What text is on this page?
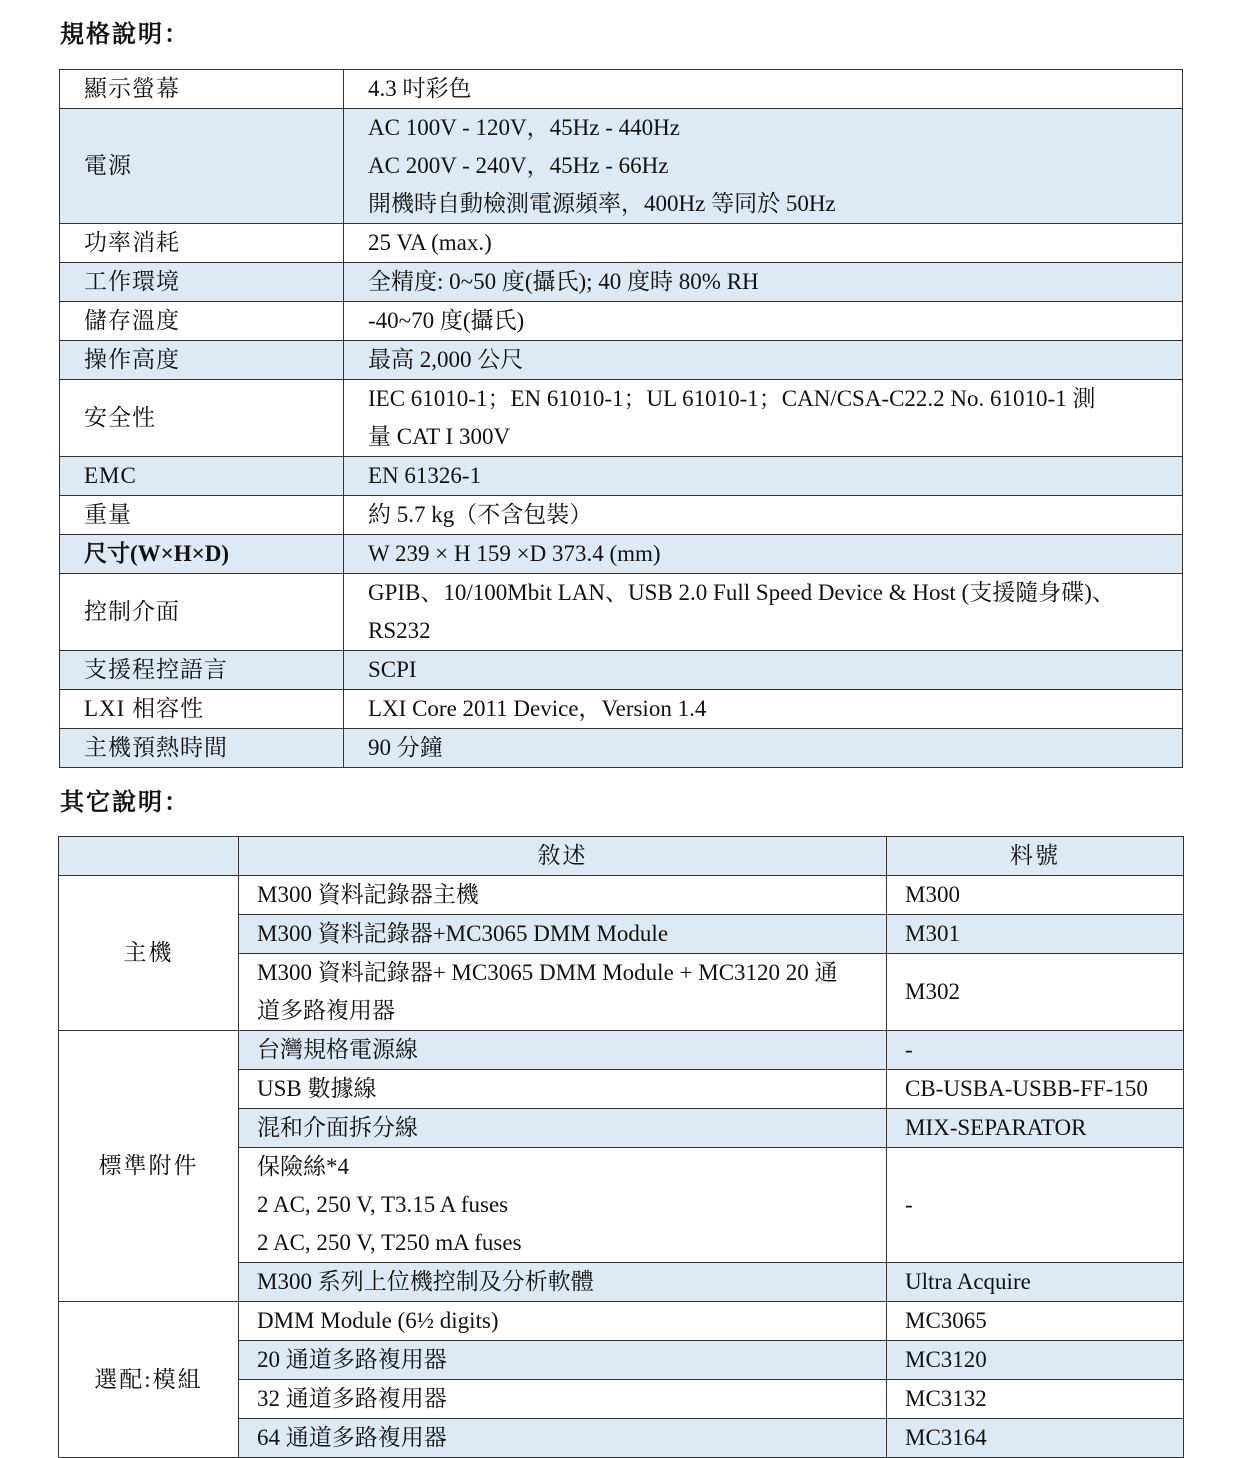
規格說明：
顯示螢幕	4.3 吋彩色

電源	AC 100V - 120V，45Hz - 440Hz
AC 200V - 240V，45Hz - 66Hz
開機時自動檢測電源頻率，400Hz 等同於 50Hz

功率消耗	25 VA (max.)

工作環境	全精度: 0~50 度(攝氏); 40 度時 80% RH

儲存溫度	-40~70 度(攝氏)

操作高度	最高 2,000 公尺

安全性	IEC 61010-1；EN 61010-1；UL 61010-1；CAN/CSA-C22.2 No. 61010-1 測
量 CAT I 300V

EMC	EN 61326-1

重量	約 5.7 kg（不含包裝）

尺寸(W×H×D)	W 239 × H 159 ×D 373.4 (mm)

控制介面	GPIB、10/100Mbit LAN、USB 2.0 Full Speed Device & Host (支援隨身碟)、
RS232

支援程控語言	SCPI

LXI 相容性	LXI Core 2011 Device，Version 1.4

主機預熱時間	90 分鐘
其它說明：
	敘述	料號
主機	M300 資料記錄器主機	M300

	M300 資料記錄器+MC3065 DMM Module	M301

	M300 資料記錄器+ MC3065 DMM Module + MC3120 20 通
道多路複用器	M302
標準附件	台灣規格電源線	-

	USB 數據線	CB-USBA-USBB-FF-150

	混和介面拆分線	MIX-SEPARATOR

	保險絲*4
2 AC, 250 V, T3.15 A fuses
2 AC, 250 V, T250 mA fuses	-

	M300 系列上位機控制及分析軟體	Ultra Acquire
選配:模組	DMM Module (6½ digits)	MC3065

	20 通道多路複用器	MC3120

	32 通道多路複用器	MC3132

	64 通道多路複用器	MC3164
